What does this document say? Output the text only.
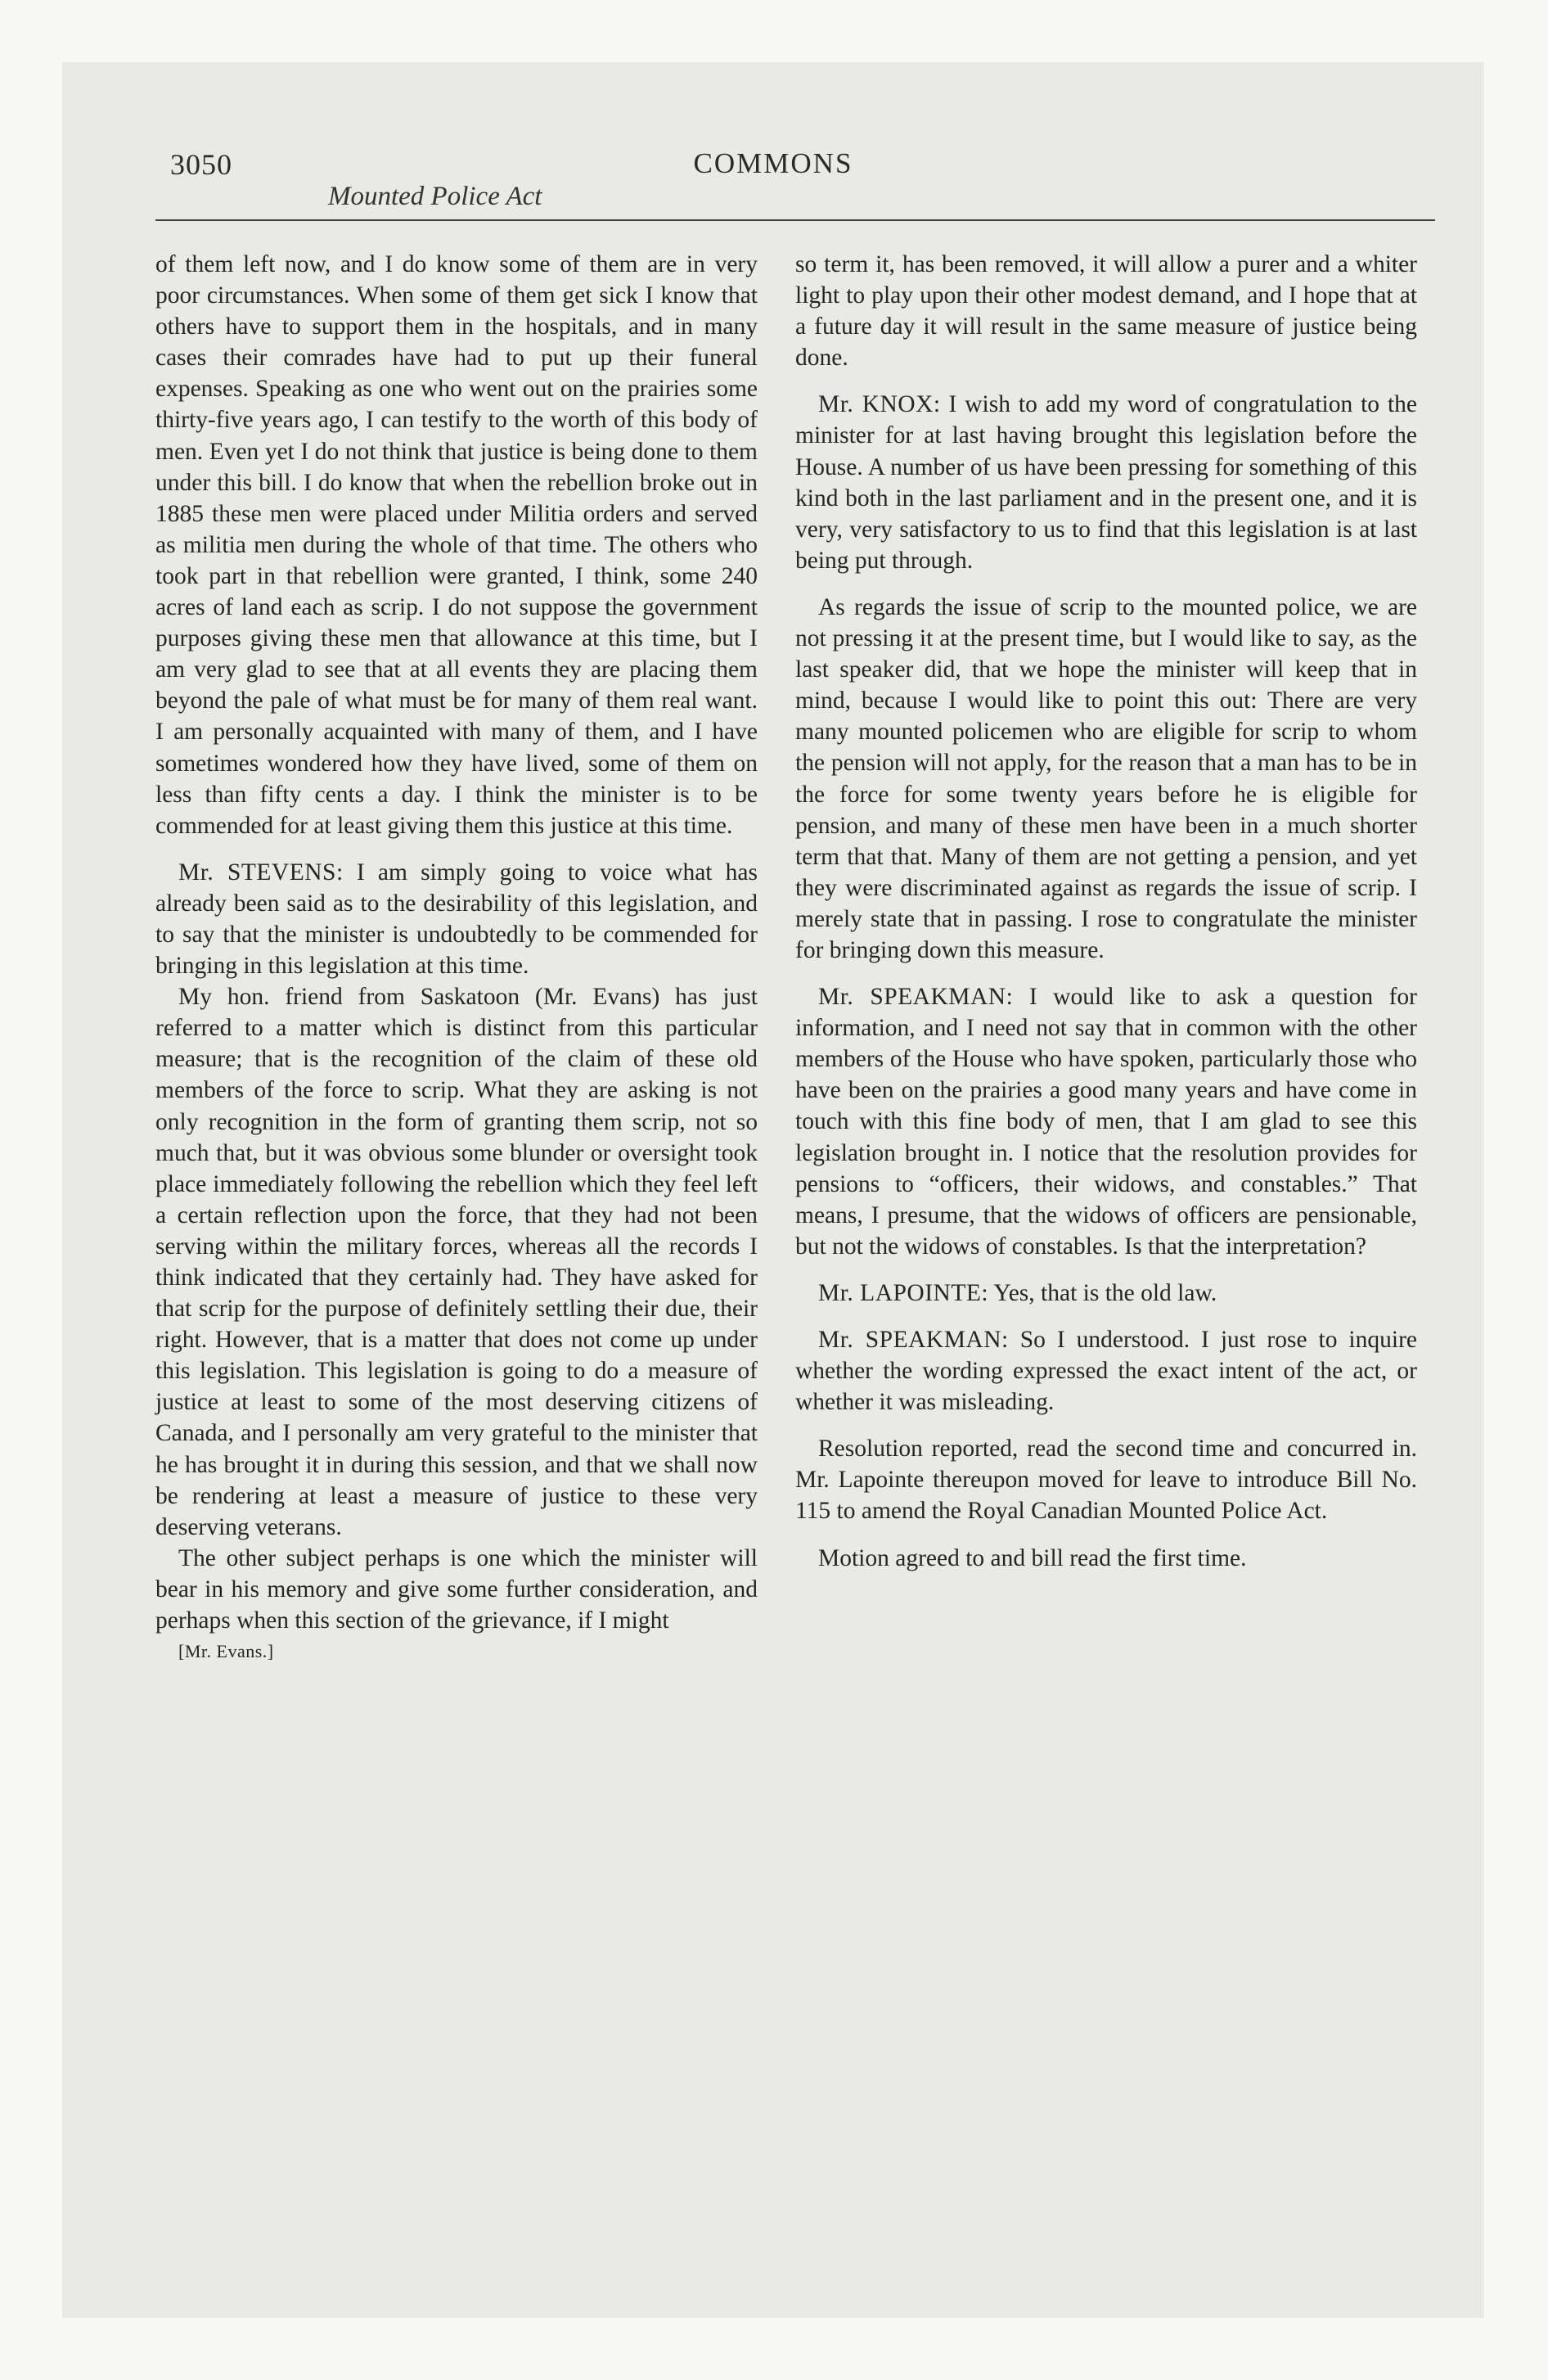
3050	COMMONS
Mounted Police Act

of them left now, and I do know some of them are in very poor circumstances. When some of them get sick I know that others have to support them in the hospitals, and in many cases their comrades have had to put up their funeral expenses. Speaking as one who went out on the prairies some thirty-five years ago, I can testify to the worth of this body of men. Even yet I do not think that justice is being done to them under this bill. I do know that when the rebellion broke out in 1885 these men were placed under Militia orders and served as militia men during the whole of that time. The others who took part in that rebellion were granted, I think, some 240 acres of land each as scrip. I do not suppose the government purposes giving these men that allowance at this time, but I am very glad to see that at all events they are placing them beyond the pale of what must be for many of them real want. I am personally acquainted with many of them, and I have sometimes wondered how they have lived, some of them on less than fifty cents a day. I think the minister is to be commended for at least giving them this justice at this time.

Mr. STEVENS: I am simply going to voice what has already been said as to the desirability of this legislation, and to say that the minister is undoubtedly to be commended for bringing in this legislation at this time.

My hon. friend from Saskatoon (Mr. Evans) has just referred to a matter which is distinct from this particular measure; that is the recognition of the claim of these old members of the force to scrip. What they are asking is not only recognition in the form of granting them scrip, not so much that, but it was obvious some blunder or oversight took place immediately following the rebellion which they feel left a certain reflection upon the force, that they had not been serving within the military forces, whereas all the records I think indicated that they certainly had. They have asked for that scrip for the purpose of definitely settling their due, their right. However, that is a matter that does not come up under this legislation. This legislation is going to do a measure of justice at least to some of the most deserving citizens of Canada, and I personally am very grateful to the minister that he has brought it in during this session, and that we shall now be rendering at least a measure of justice to these very deserving veterans.

The other subject perhaps is one which the minister will bear in his memory and give some further consideration, and perhaps when this section of the grievance, if I might

[Mr. Evans.]

so term it, has been removed, it will allow a purer and a whiter light to play upon their other modest demand, and I hope that at a future day it will result in the same measure of justice being done.

Mr. KNOX: I wish to add my word of congratulation to the minister for at last having brought this legislation before the House. A number of us have been pressing for something of this kind both in the last parliament and in the present one, and it is very, very satisfactory to us to find that this legislation is at last being put through.

As regards the issue of scrip to the mounted police, we are not pressing it at the present time, but I would like to say, as the last speaker did, that we hope the minister will keep that in mind, because I would like to point this out: There are very many mounted policemen who are eligible for scrip to whom the pension will not apply, for the reason that a man has to be in the force for some twenty years before he is eligible for pension, and many of these men have been in a much shorter term that that. Many of them are not getting a pension, and yet they were discriminated against as regards the issue of scrip. I merely state that in passing. I rose to congratulate the minister for bringing down this measure.

Mr. SPEAKMAN: I would like to ask a question for information, and I need not say that in common with the other members of the House who have spoken, particularly those who have been on the prairies a good many years and have come in touch with this fine body of men, that I am glad to see this legislation brought in. I notice that the resolution provides for pensions to “officers, their widows, and constables.” That means, I presume, that the widows of officers are pensionable, but not the widows of constables. Is that the interpretation?

Mr. LAPOINTE: Yes, that is the old law.

Mr. SPEAKMAN: So I understood. I just rose to inquire whether the wording expressed the exact intent of the act, or whether it was misleading.

Resolution reported, read the second time and concurred in. Mr. Lapointe thereupon moved for leave to introduce Bill No. 115 to amend the Royal Canadian Mounted Police Act.

Motion agreed to and bill read the first time.
